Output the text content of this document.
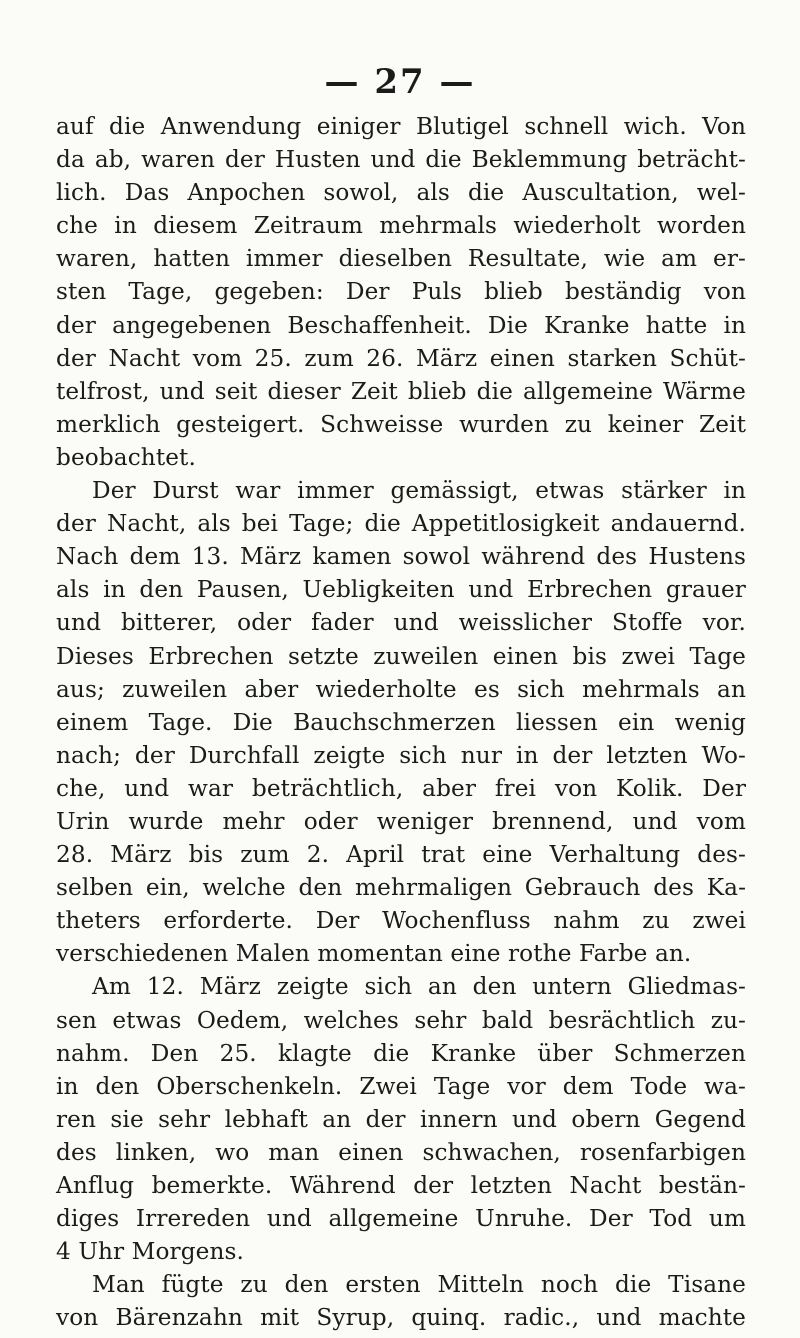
— 27 —
auf die Anwendung einiger Blutigel schnell wich. Von
da ab, waren der Husten und die Beklemmung beträcht-
lich. Das Anpochen sowol, als die Auscultation, wel-
che in diesem Zeitraum mehrmals wiederholt worden
waren, hatten immer dieselben Resultate, wie am er-
sten Tage, gegeben: Der Puls blieb beständig von
der angegebenen Beschaffenheit. Die Kranke hatte in
der Nacht vom 25. zum 26. März einen starken Schüt-
telfrost, und seit dieser Zeit blieb die allgemeine Wärme
merklich gesteigert. Schweisse wurden zu keiner Zeit
beobachtet.
Der Durst war immer gemässigt, etwas stärker in
der Nacht, als bei Tage; die Appetitlosigkeit andauernd.
Nach dem 13. März kamen sowol während des Hustens
als in den Pausen, Uebligkeiten und Erbrechen grauer
und bitterer, oder fader und weisslicher Stoffe vor.
Dieses Erbrechen setzte zuweilen einen bis zwei Tage
aus; zuweilen aber wiederholte es sich mehrmals an
einem Tage. Die Bauchschmerzen liessen ein wenig
nach; der Durchfall zeigte sich nur in der letzten Wo-
che, und war beträchtlich, aber frei von Kolik. Der
Urin wurde mehr oder weniger brennend, und vom
28. März bis zum 2. April trat eine Verhaltung des-
selben ein, welche den mehrmaligen Gebrauch des Ka-
theters erforderte. Der Wochenfluss nahm zu zwei
verschiedenen Malen momentan eine rothe Farbe an.
Am 12. März zeigte sich an den untern Gliedmas-
sen etwas Oedem, welches sehr bald besrächtlich zu-
nahm. Den 25. klagte die Kranke über Schmerzen
in den Oberschenkeln. Zwei Tage vor dem Tode wa-
ren sie sehr lebhaft an der innern und obern Gegend
des linken, wo man einen schwachen, rosenfarbigen
Anflug bemerkte. Während der letzten Nacht bestän-
diges Irrereden und allgemeine Unruhe. Der Tod um
4 Uhr Morgens.
Man fügte zu den ersten Mitteln noch die Tisane
von Bärenzahn mit Syrup, quinq. radic., und machte
